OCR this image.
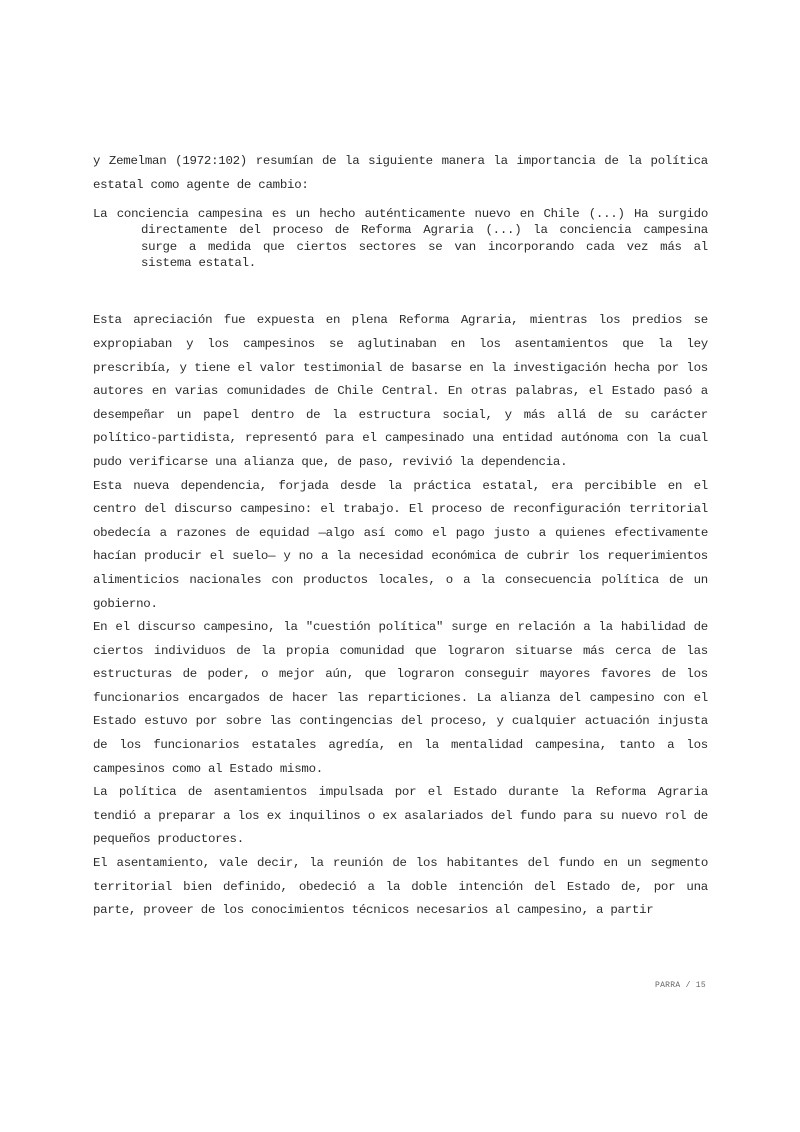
y Zemelman (1972:102) resumían de la siguiente manera la importancia de la política estatal como agente de cambio:

La conciencia campesina es un hecho auténticamente nuevo en Chile (...) Ha surgido directamente del proceso de Reforma Agraria (...) la conciencia campesina surge a medida que ciertos sectores se van incorporando cada vez más al sistema estatal.

Esta apreciación fue expuesta en plena Reforma Agraria, mientras los predios se expropiaban y los campesinos se aglutinaban en los asentamientos que la ley prescribía, y tiene el valor testimonial de basarse en la investigación hecha por los autores en varias comunidades de Chile Central. En otras palabras, el Estado pasó a desempeñar un papel dentro de la estructura social, y más allá de su carácter político-partidista, representó para el campesinado una entidad autónoma con la cual pudo verificarse una alianza que, de paso, revivió la dependencia.

Esta nueva dependencia, forjada desde la práctica estatal, era percibible en el centro del discurso campesino: el trabajo. El proceso de reconfiguración territorial obedecía a razones de equidad —algo así como el pago justo a quienes efectivamente hacían producir el suelo— y no a la necesidad económica de cubrir los requerimientos alimenticios nacionales con productos locales, o a la consecuencia política de un gobierno.

En el discurso campesino, la "cuestión política" surge en relación a la habilidad de ciertos individuos de la propia comunidad que lograron situarse más cerca de las estructuras de poder, o mejor aún, que lograron conseguir mayores favores de los funcionarios encargados de hacer las reparticiones. La alianza del campesino con el Estado estuvo por sobre las contingencias del proceso, y cualquier actuación injusta de los funcionarios estatales agredía, en la mentalidad campesina, tanto a los campesinos como al Estado mismo.

La política de asentamientos impulsada por el Estado durante la Reforma Agraria tendió a preparar a los ex inquilinos o ex asalariados del fundo para su nuevo rol de pequeños productores.

El asentamiento, vale decir, la reunión de los habitantes del fundo en un segmento territorial bien definido, obedeció a la doble intención del Estado de, por una parte, proveer de los conocimientos técnicos necesarios al campesino, a partir

PARRA / 15
